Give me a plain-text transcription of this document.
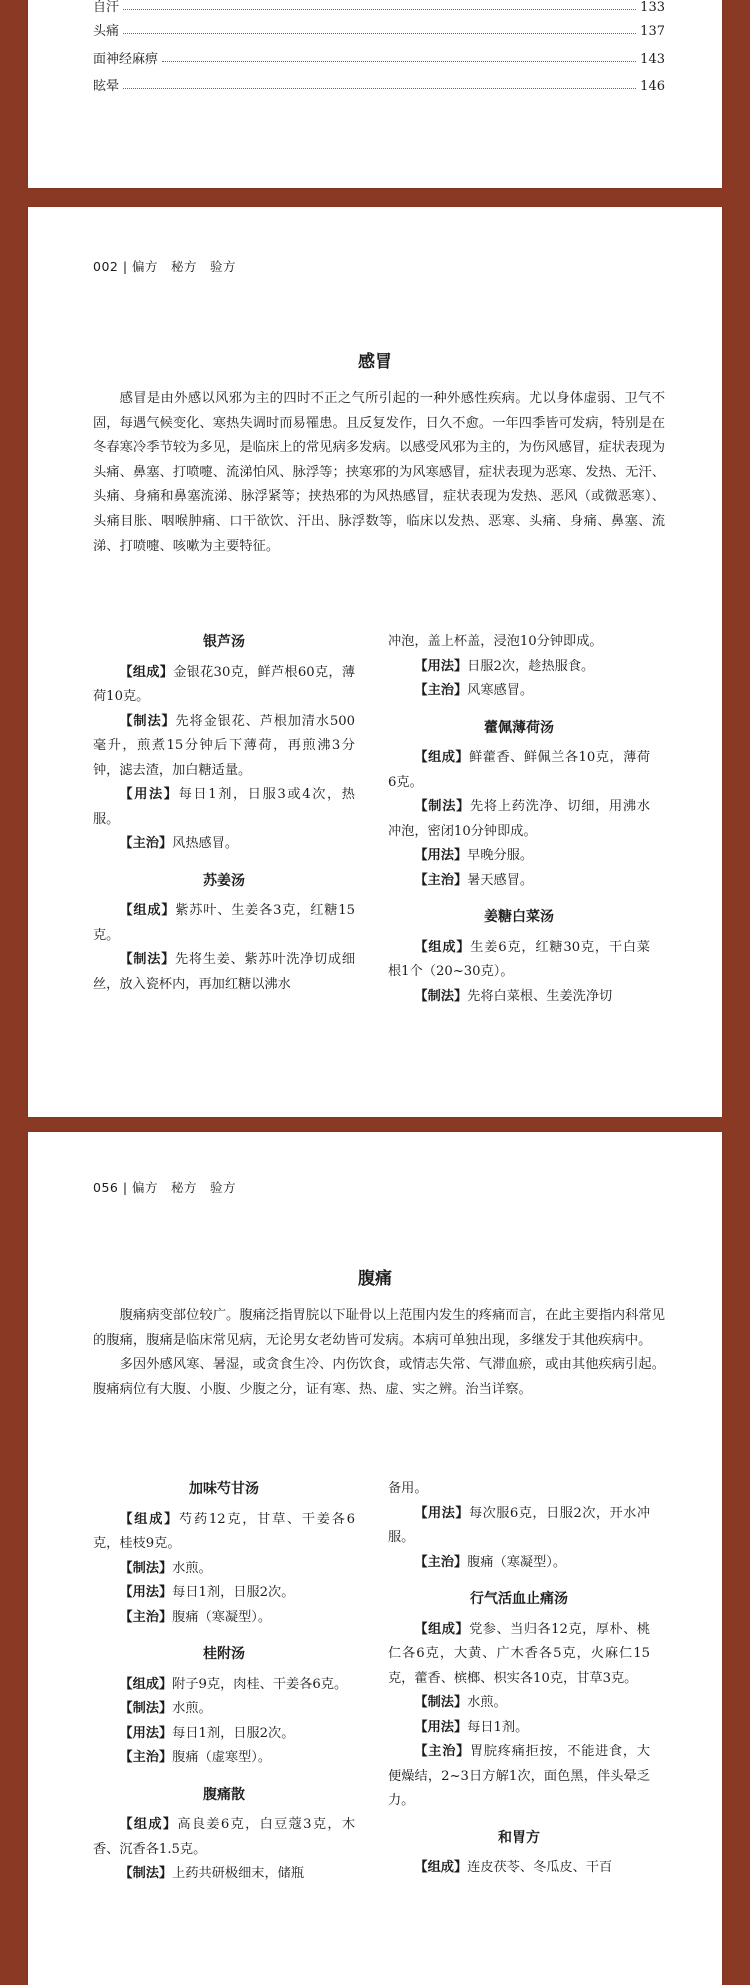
自汗	133
头痛	137
面神经麻痹	143
眩晕	146
002 | 偏方　秘方　验方
感冒

感冒是由外感以风邪为主的四时不正之气所引起的一种外感性疾病。尤以身体虚弱、卫气不固，每遇气候变化、寒热失调时而易罹患。且反复发作，日久不愈。一年四季皆可发病，特别是在冬春寒冷季节较为多见，是临床上的常见病多发病。以感受风邪为主的，为伤风感冒，症状表现为头痛、鼻塞、打喷嚏、流涕怕风、脉浮等；挟寒邪的为风寒感冒，症状表现为恶寒、发热、无汗、头痛、身痛和鼻塞流涕、脉浮紧等；挟热邪的为风热感冒，症状表现为发热、恶风（或微恶寒）、头痛目胀、咽喉肿痛、口干欲饮、汗出、脉浮数等，临床以发热、恶寒、头痛、身痛、鼻塞、流涕、打喷嚏、咳嗽为主要特征。

银芦汤

【组成】金银花30克，鲜芦根60克，薄荷10克。

【制法】先将金银花、芦根加清水500毫升，煎煮15分钟后下薄荷，再煎沸3分钟，滤去渣，加白糖适量。

【用法】每日1剂，日服3或4次，热服。

【主治】风热感冒。

苏姜汤

【组成】紫苏叶、生姜各3克，红糖15克。

【制法】先将生姜、紫苏叶洗净切成细丝，放入瓷杯内，再加红糖以沸水

冲泡，盖上杯盖，浸泡10分钟即成。

【用法】日服2次，趁热服食。

【主治】风寒感冒。

藿佩薄荷汤

【组成】鲜藿香、鲜佩兰各10克，薄荷6克。

【制法】先将上药洗净、切细，用沸水冲泡，密闭10分钟即成。

【用法】早晚分服。

【主治】暑天感冒。

姜糖白菜汤

【组成】生姜6克，红糖30克，干白菜根1个（20~30克）。

【制法】先将白菜根、生姜洗净切

056 | 偏方　秘方　验方
腹痛

腹痛病变部位较广。腹痛泛指胃脘以下耻骨以上范围内发生的疼痛而言，在此主要指内科常见的腹痛，腹痛是临床常见病，无论男女老幼皆可发病。本病可单独出现，多继发于其他疾病中。

多因外感风寒、暑湿，或贪食生冷、内伤饮食，或情志失常、气滞血瘀，或由其他疾病引起。腹痛病位有大腹、小腹、少腹之分，证有寒、热、虚、实之辨。治当详察。

加味芍甘汤

【组成】芍药12克，甘草、干姜各6克，桂枝9克。

【制法】水煎。

【用法】每日1剂，日服2次。

【主治】腹痛（寒凝型）。

桂附汤

【组成】附子9克，肉桂、干姜各6克。

【制法】水煎。

【用法】每日1剂，日服2次。

【主治】腹痛（虚寒型）。

腹痛散

【组成】高良姜6克，白豆蔻3克，木香、沉香各1.5克。

【制法】上药共研极细末，储瓶

备用。

【用法】每次服6克，日服2次，开水冲服。

【主治】腹痛（寒凝型）。

行气活血止痛汤

【组成】党参、当归各12克，厚朴、桃仁各6克，大黄、广木香各5克，火麻仁15克，藿香、槟榔、枳实各10克，甘草3克。

【制法】水煎。

【用法】每日1剂。

【主治】胃脘疼痛拒按，不能进食，大便燥结，2~3日方解1次，面色黑，伴头晕乏力。

和胃方

【组成】连皮茯苓、冬瓜皮、干百
